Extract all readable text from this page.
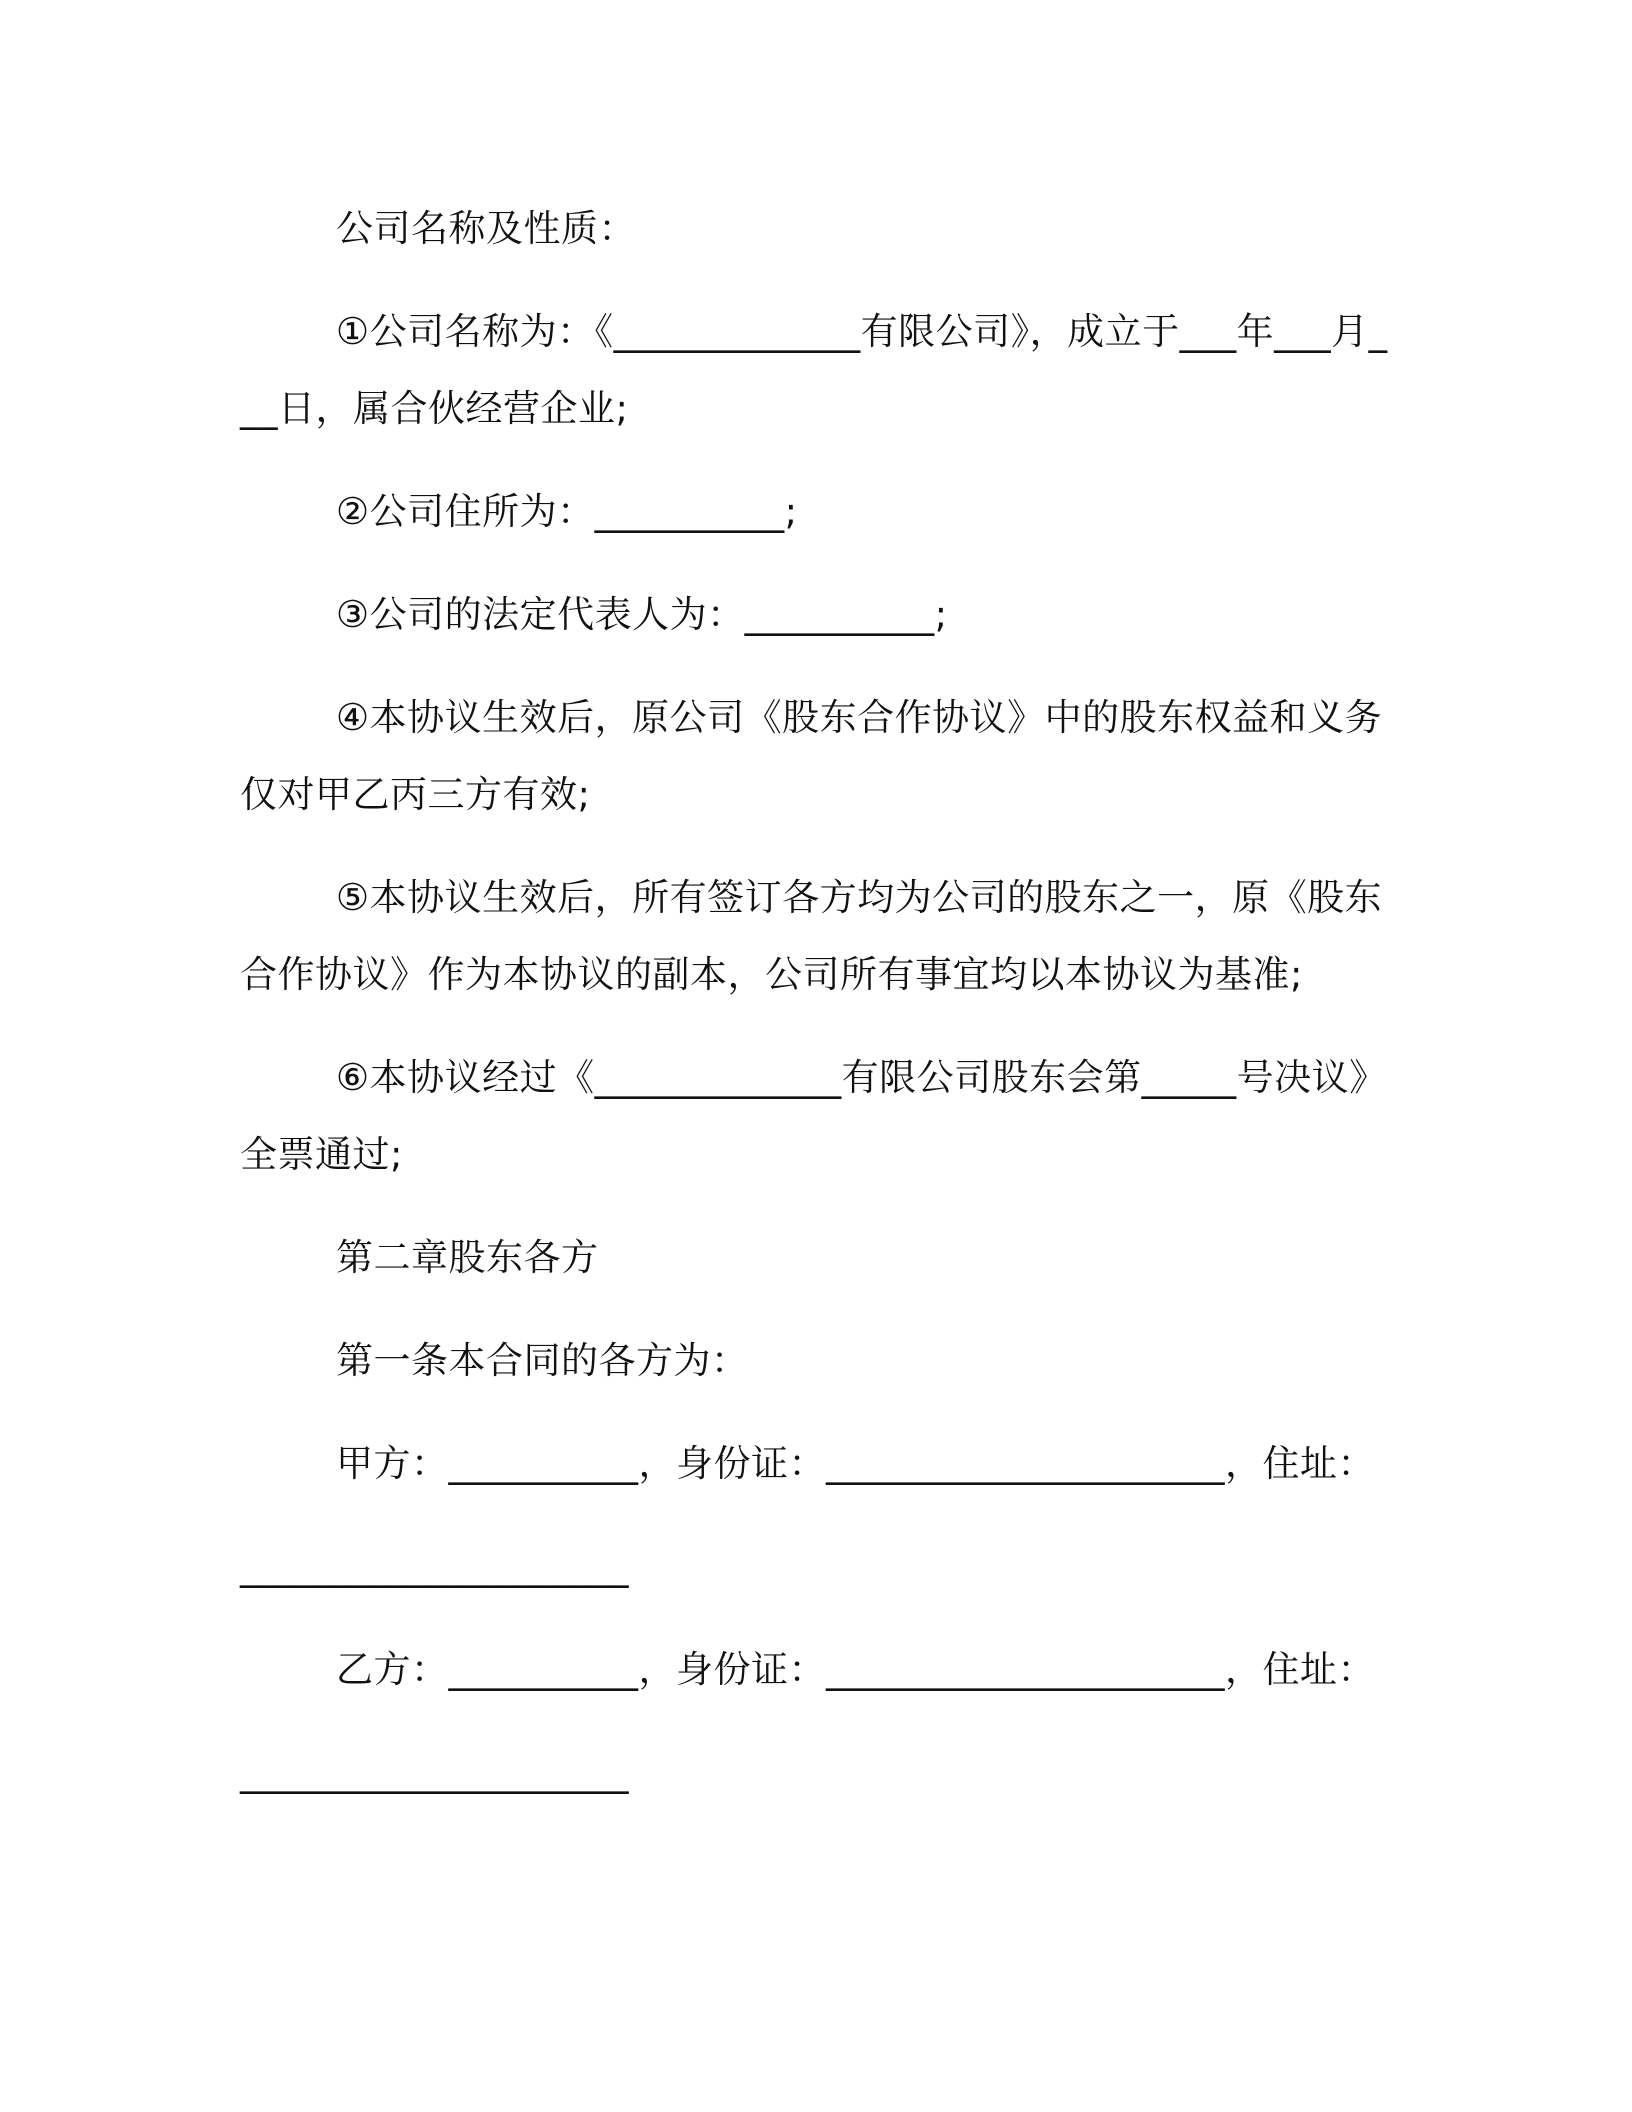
公司名称及性质：

①公司名称为：《_____________有限公司》，成立于___年___月___日，属合伙经营企业;

②公司住所为：__________;

③公司的法定代表人为：__________;

④本协议生效后，原公司《股东合作协议》中的股东权益和义务仅对甲乙丙三方有效;

⑤本协议生效后，所有签订各方均为公司的股东之一，原《股东合作协议》作为本协议的副本，公司所有事宜均以本协议为基准;

⑥本协议经过《_____________有限公司股东会第_____号决议》全票通过;

第二章股东各方

第一条本合同的各方为：

甲方：__________，身份证：_____________________，住址：

_____________________

乙方：__________，身份证：_____________________，住址：

_____________________
